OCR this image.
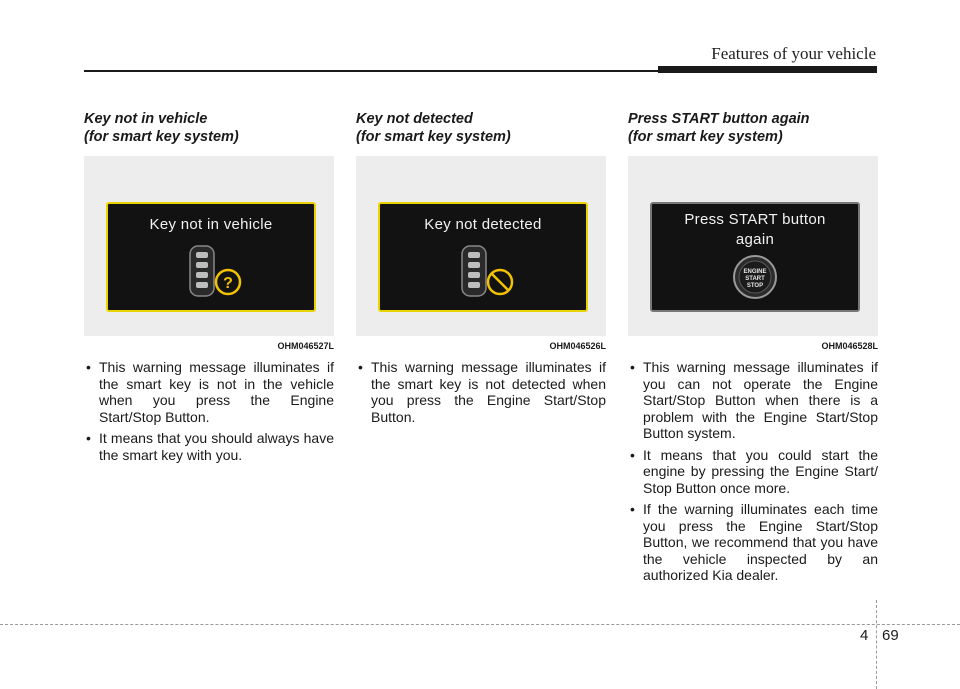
Features of your vehicle
Key not in vehicle
(for smart key system)
Key not in vehicle
?
OHM046527L
• This warning message illuminates if the smart key is not in the vehicle when you press the Engine Start/Stop Button.
• It means that you should always have the smart key with you.
Key not detected
(for smart key system)
Key not detected
OHM046526L
• This warning message illuminates if the smart key is not detected when you press the Engine Start/Stop Button.
Press START button again
(for smart key system)
Press START button
again
ENGINE
START
STOP
OHM046528L
• This warning message illuminates if you can not operate the Engine Start/Stop Button when there is a problem with the Engine Start/Stop Button system.
• It means that you could start the engine by pressing the Engine Start/ Stop Button once more.
• If the warning illuminates each time you press the Engine Start/Stop Button, we recommend that you have the vehicle inspected by an authorized Kia dealer.
4 69
